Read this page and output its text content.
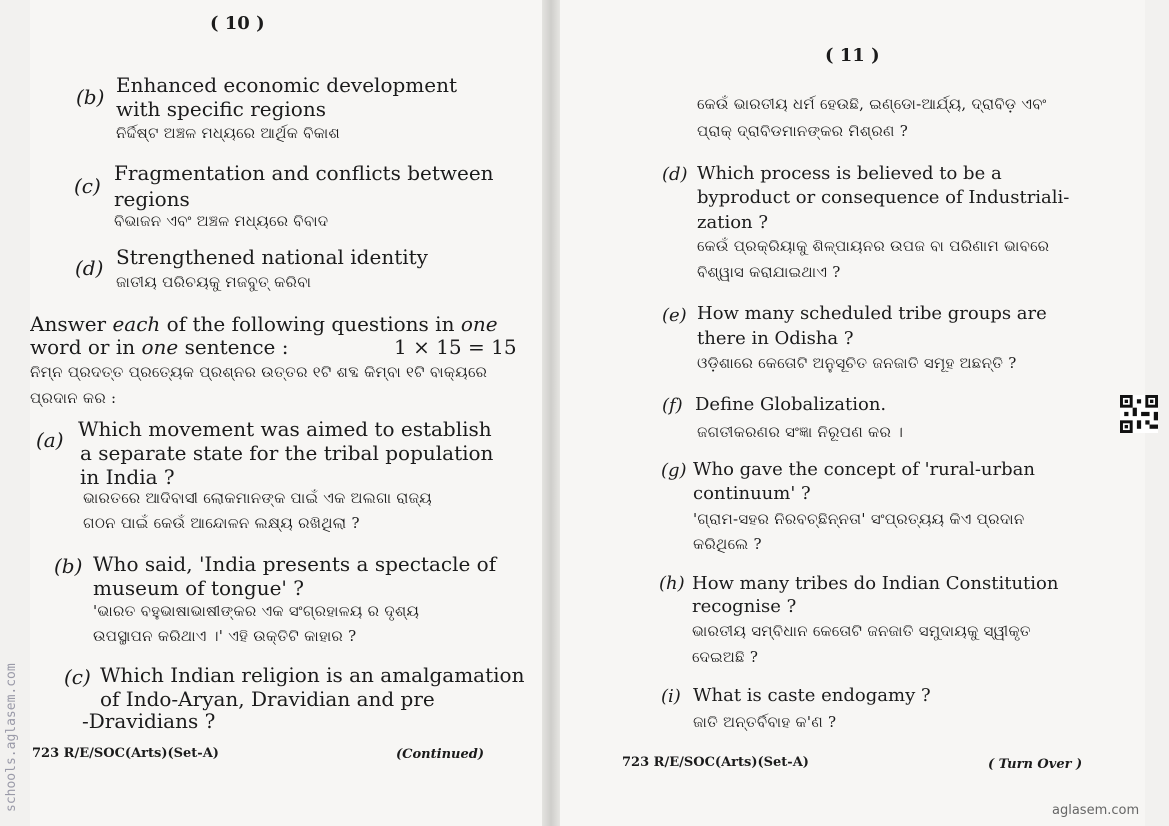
( 10 )
(b) Enhanced economic development
with specific regions
ନିର୍ଦ୍ଦିଷ୍ଟ ଅଞ୍ଚଳ ମଧ୍ୟରେ ଆର୍ଥିକ ବିକାଶ
(c)
Fragmentation and conflicts between
regions
ବିଭାଜନ ଏବଂ ଅଞ୍ଚଳ ମଧ୍ୟରେ ବିବାଦ
(d) Strengthened national identity
ଜାତୀୟ ପରିଚୟକୁ ମଜବୁତ୍ କରିବା
Answer each of the following questions in one
word or in one sentence :	1 × 15 = 15
ନିମ୍ନ ପ୍ରଦତ୍ତ ପ୍ରତ୍ୟେକ ପ୍ରଶ୍ନର ଉତ୍ତର ୧ଟି ଶବ୍ଦ କିମ୍ବା ୧ଟି ବାକ୍ୟରେ
ପ୍ରଦାନ କର :
(a) Which movement was aimed to establish
a separate state for the tribal population
in India ?
ଭାରତରେ ଆଦିବାସୀ ଲୋକମାନଙ୍କ ପାଇଁ ଏକ ଅଲଗା ରାଜ୍ୟ
ଗଠନ ପାଇଁ କେଉଁ ଆନ୍ଦୋଳନ ଲକ୍ଷ୍ୟ ରଖିଥିଲା ?
(b) Who said, 'India presents a spectacle of
museum of tongue' ?
'ଭାରତ ବହୁଭାଷାଭାଷୀଙ୍କର ଏକ ସଂଗ୍ରହାଳୟ ର ଦୃଶ୍ୟ
ଉପସ୍ଥାପନ କରିଥାଏ ।' ଏହି ଉକ୍ତିଟି କାହାର ?
(c) Which Indian religion is an amalgamation
of Indo-Aryan, Dravidian and pre
-Dravidians ?
723 R/E/SOC(Arts)(Set-A)	(Continued)
( 11 )
କେଉଁ ଭାରତୀୟ ଧର୍ମ ହେଉଛି, ଇଣ୍ଡୋ-ଆର୍ଯ୍ୟ, ଦ୍ରାବିଡ଼ ଏବଂ
ପ୍ରାକ୍ ଦ୍ରାବିଡମାନଙ୍କର ମିଶ୍ରଣ ?
(d) Which process is believed to be a
byproduct or consequence of Industriali-
zation ?
କେଉଁ ପ୍ରକ୍ରିୟାକୁ ଶିଳ୍ପାୟନର ଉପଜ ବା ପରିଣାମ ଭାବରେ
ବିଶ୍ୱାସ କରାଯାଇଥାଏ ?
(e) How many scheduled tribe groups are
there in Odisha ?
ଓଡ଼ିଶାରେ କେତୋଟି ଅନୁସୂଚିତ ଜନଜାତି ସମୂହ ଅଛନ୍ତି ?
(f) Define Globalization.
ଜଗତୀକରଣର ସଂଜ୍ଞା ନିରୂପଣ କର ।
(g) Who gave the concept of 'rural-urban
continuum' ?
'ଗ୍ରାମ-ସହର ନିରବଚ୍ଛିନ୍ନତା' ସଂପ୍ରତ୍ୟୟ କିଏ ପ୍ରଦାନ
କରିଥିଲେ ?
(h) How many tribes do Indian Constitution
recognise ?
ଭାରତୀୟ ସମ୍ବିଧାନ କେତୋଟି ଜନଜାତି ସମୁଦାୟକୁ ସ୍ୱୀକୃତ
ଦେଇଅଛି ?
(i) What is caste endogamy ?
ଜାତି ଅନ୍ତର୍ବିବାହ କ'ଣ ?
723 R/E/SOC(Arts)(Set-A)	( Turn Over )
schools.aglasem.com	aglasem.com
